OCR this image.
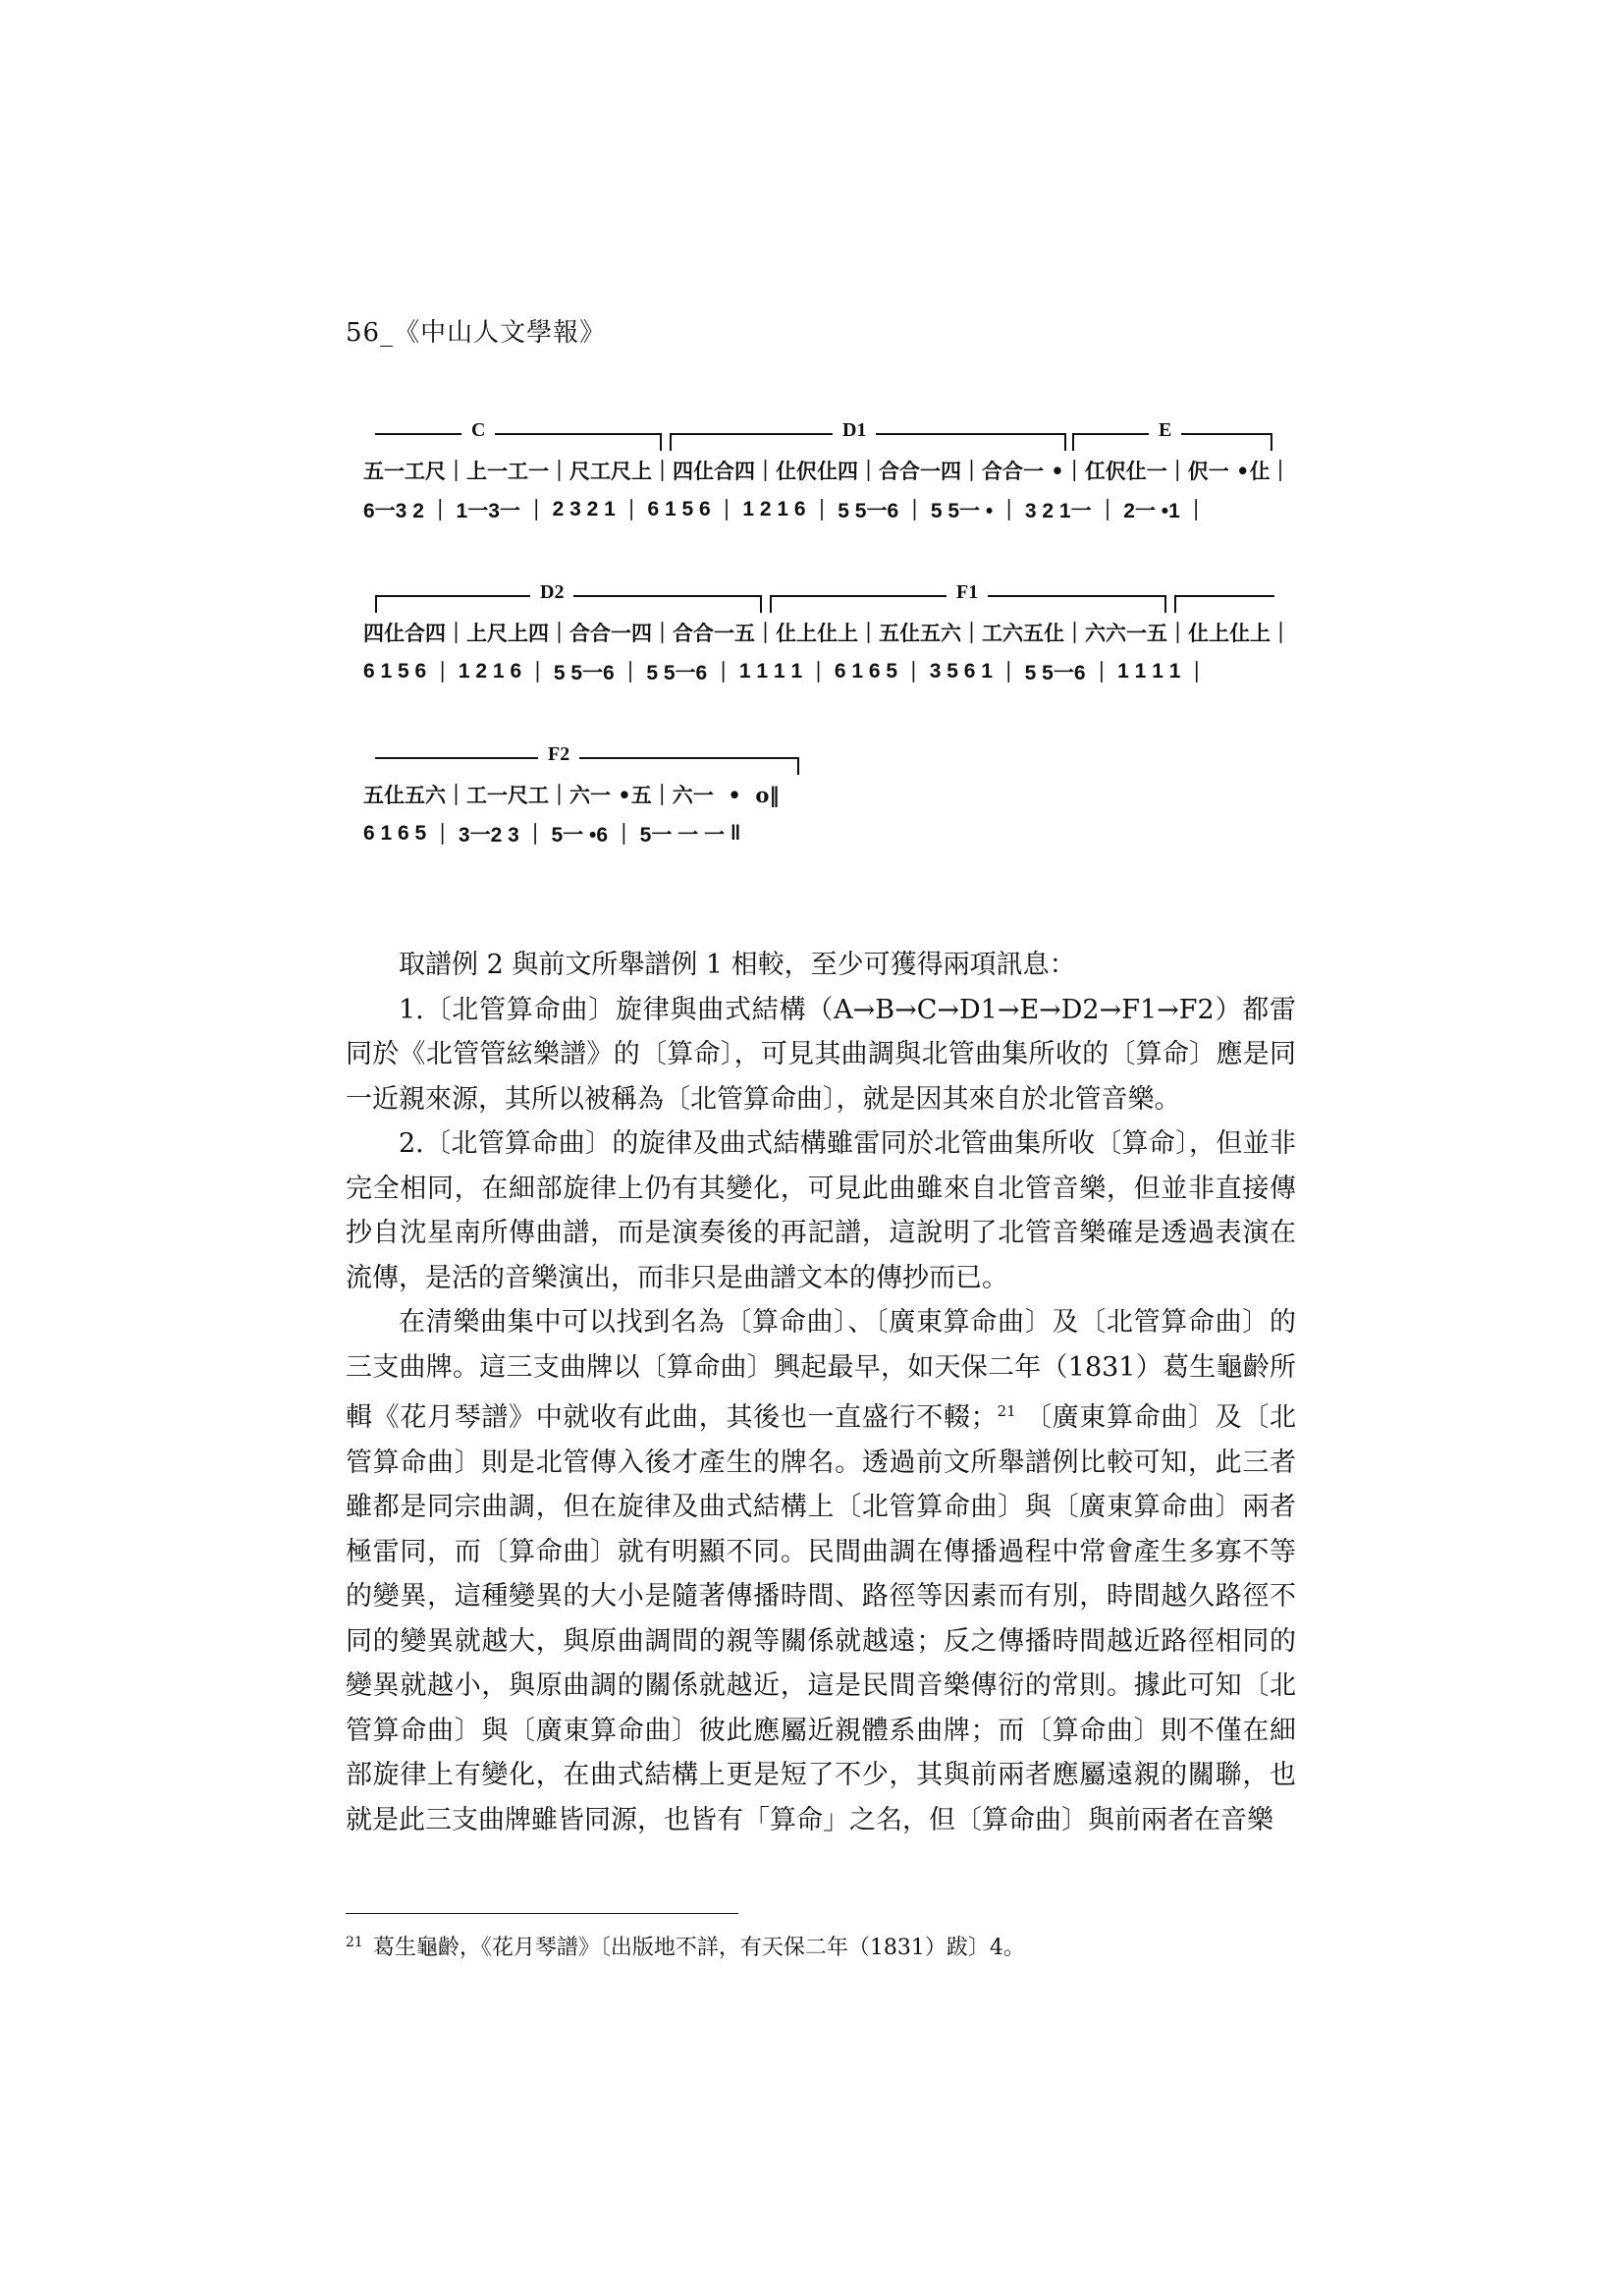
56_《中山人文學報》
C	D1	E
五一工尺 ｜ 上一工一 ｜ 尺工尺上 ｜ 四仩合四 ｜ 仩伬仩四 ｜ 合合一四 ｜ 合合一 • ｜ 仜伬仩一 ｜ 伬一 •仩 ｜
6一3 2 ｜ 1一3一 ｜ 2 3 2 1 ｜ 6 1 5 6 ｜ 1 2 1 6 ｜ 5 5一6 ｜ 5 5一 • ｜ 3 2 1一 ｜ 2一 •1 ｜
D2	F1
四仩合四 ｜ 上尺上四 ｜ 合合一四 ｜ 合合一五 ｜ 仩上仩上 ｜ 五仩五六 ｜ 工六五仩 ｜ 六六一五 ｜ 仩上仩上 ｜
6 1 5 6 ｜ 1 2 1 6 ｜ 5 5一6 ｜ 5 5一6 ｜ 1 1 1 1 ｜ 6 1 6 5 ｜ 3 5 6 1 ｜ 5 5一6 ｜ 1 1 1 1 ｜
F2
五仩五六 ｜ 工一尺工 ｜ 六一 •五 ｜ 六一  •  o ‖
6 1 6 5 ｜ 3一2 3 ｜ 5一 •6 ｜ 5一 一 一 ‖

取譜例 2 與前文所舉譜例 1 相較，至少可獲得兩項訊息：

1.〔北管算命曲〕旋律與曲式結構（A→B→C→D1→E→D2→F1→F2）都雷同於《北管管絃樂譜》的〔算命〕，可見其曲調與北管曲集所收的〔算命〕應是同一近親來源，其所以被稱為〔北管算命曲〕，就是因其來自於北管音樂。

2.〔北管算命曲〕的旋律及曲式結構雖雷同於北管曲集所收〔算命〕，但並非完全相同，在細部旋律上仍有其變化，可見此曲雖來自北管音樂，但並非直接傳抄自沈星南所傳曲譜，而是演奏後的再記譜，這說明了北管音樂確是透過表演在流傳，是活的音樂演出，而非只是曲譜文本的傳抄而已。

在清樂曲集中可以找到名為〔算命曲〕、〔廣東算命曲〕及〔北管算命曲〕的三支曲牌。這三支曲牌以〔算命曲〕興起最早，如天保二年（1831）葛生龜齡所輯《花月琴譜》中就收有此曲，其後也一直盛行不輟；$^{21}$ 〔廣東算命曲〕及〔北管算命曲〕則是北管傳入後才產生的牌名。透過前文所舉譜例比較可知，此三者雖都是同宗曲調，但在旋律及曲式結構上〔北管算命曲〕與〔廣東算命曲〕兩者極雷同，而〔算命曲〕就有明顯不同。民間曲調在傳播過程中常會產生多寡不等的變異，這種變異的大小是隨著傳播時間、路徑等因素而有別，時間越久路徑不同的變異就越大，與原曲調間的親等關係就越遠；反之傳播時間越近路徑相同的變異就越小，與原曲調的關係就越近，這是民間音樂傳衍的常則。據此可知〔北管算命曲〕與〔廣東算命曲〕彼此應屬近親體系曲牌；而〔算命曲〕則不僅在細部旋律上有變化，在曲式結構上更是短了不少，其與前兩者應屬遠親的關聯，也就是此三支曲牌雖皆同源，也皆有「算命」之名，但〔算命曲〕與前兩者在音樂

$^{21}$ 葛生龜齡，《花月琴譜》〔出版地不詳，有天保二年（1831）跋〕4。
